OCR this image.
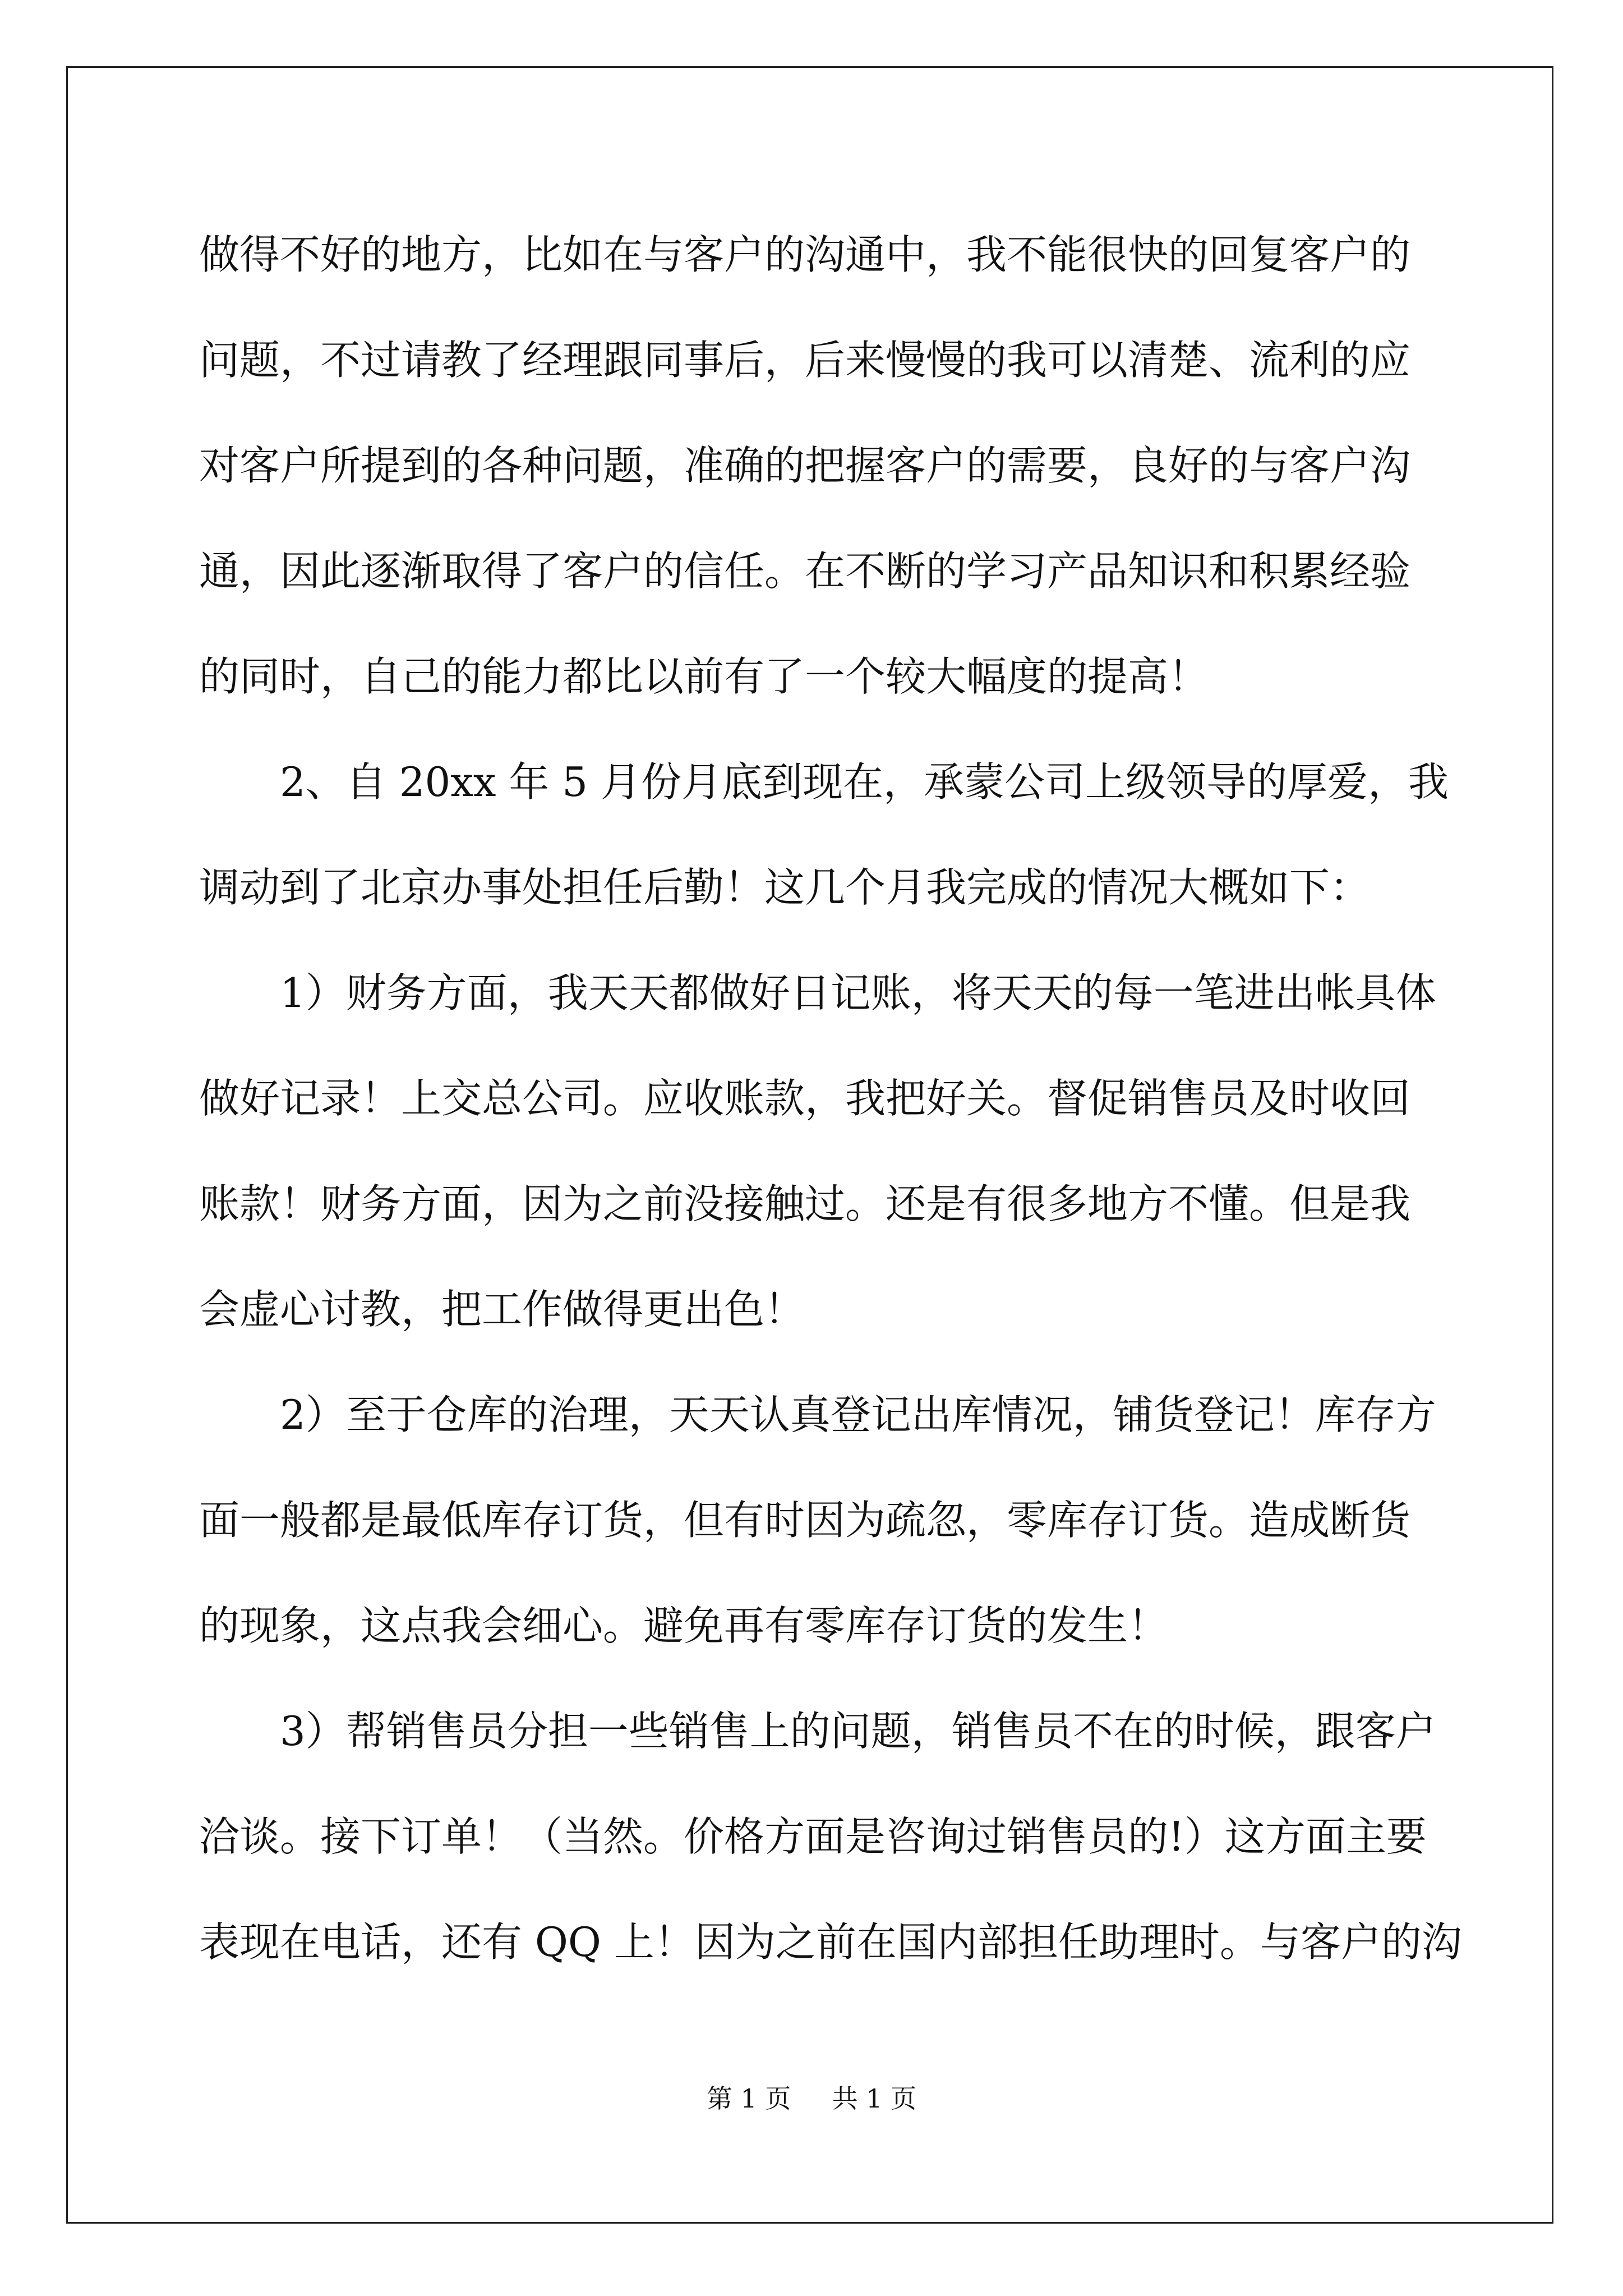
做得不好的地方，比如在与客户的沟通中，我不能很快的回复客户的
问题，不过请教了经理跟同事后，后来慢慢的我可以清楚、流利的应
对客户所提到的各种问题，准确的把握客户的需要，良好的与客户沟
通，因此逐渐取得了客户的信任。在不断的学习产品知识和积累经验
的同时，自己的能力都比以前有了一个较大幅度的提高！
2、自 20xx 年 5 月份月底到现在，承蒙公司上级领导的厚爱，我
调动到了北京办事处担任后勤！这几个月我完成的情况大概如下：
1）财务方面，我天天都做好日记账，将天天的每一笔进出帐具体
做好记录！上交总公司。应收账款，我把好关。督促销售员及时收回
账款！财务方面，因为之前没接触过。还是有很多地方不懂。但是我
会虚心讨教，把工作做得更出色！
2）至于仓库的治理，天天认真登记出库情况，铺货登记！库存方
面一般都是最低库存订货，但有时因为疏忽，零库存订货。造成断货
的现象，这点我会细心。避免再有零库存订货的发生！
3）帮销售员分担一些销售上的问题，销售员不在的时候，跟客户
洽谈。接下订单！（当然。价格方面是咨询过销售员的!）这方面主要
表现在电话，还有 QQ 上！因为之前在国内部担任助理时。与客户的沟
第 1 页 共 1 页
